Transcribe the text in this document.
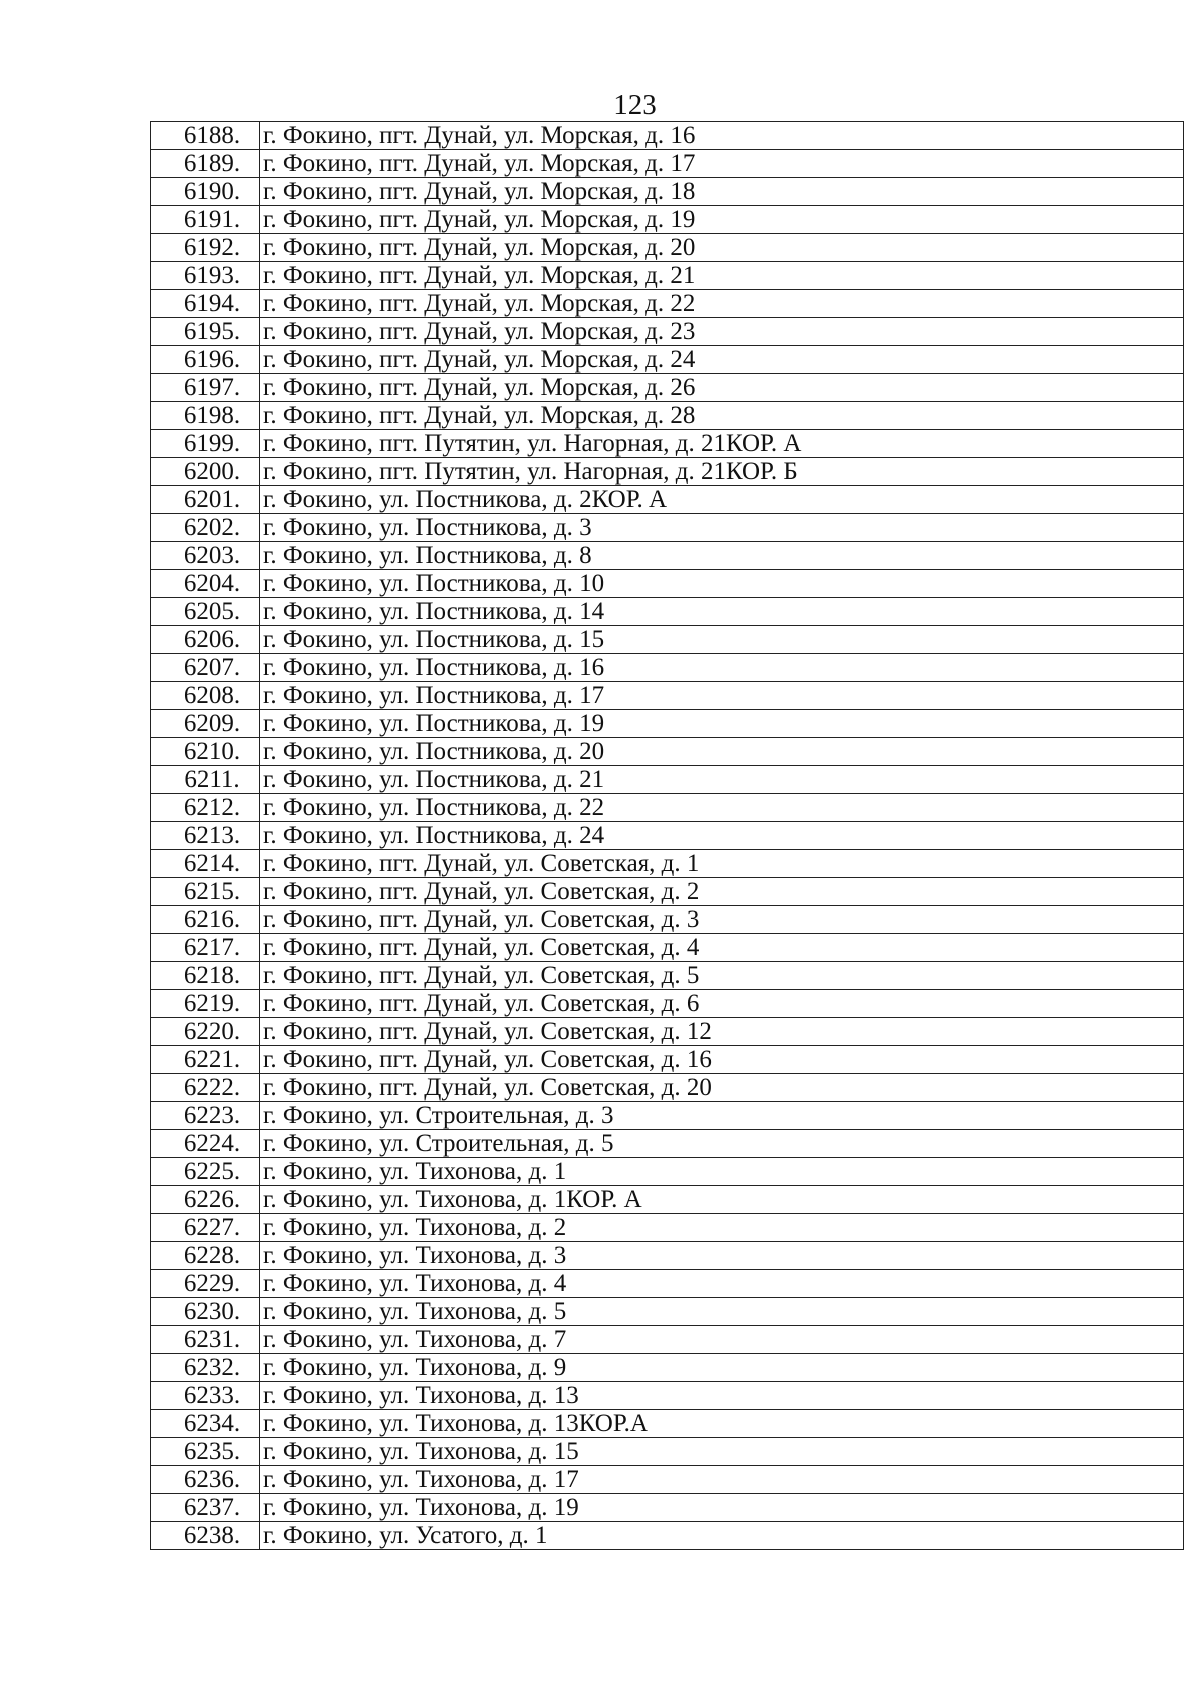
123
6188.	г. Фокино, пгт. Дунай, ул. Морская, д. 16
6189.	г. Фокино, пгт. Дунай, ул. Морская, д. 17
6190.	г. Фокино, пгт. Дунай, ул. Морская, д. 18
6191.	г. Фокино, пгт. Дунай, ул. Морская, д. 19
6192.	г. Фокино, пгт. Дунай, ул. Морская, д. 20
6193.	г. Фокино, пгт. Дунай, ул. Морская, д. 21
6194.	г. Фокино, пгт. Дунай, ул. Морская, д. 22
6195.	г. Фокино, пгт. Дунай, ул. Морская, д. 23
6196.	г. Фокино, пгт. Дунай, ул. Морская, д. 24
6197.	г. Фокино, пгт. Дунай, ул. Морская, д. 26
6198.	г. Фокино, пгт. Дунай, ул. Морская, д. 28
6199.	г. Фокино, пгт. Путятин, ул. Нагорная, д. 21КОР. А
6200.	г. Фокино, пгт. Путятин, ул. Нагорная, д. 21КОР. Б
6201.	г. Фокино, ул. Постникова, д. 2КОР. А
6202.	г. Фокино, ул. Постникова, д. 3
6203.	г. Фокино, ул. Постникова, д. 8
6204.	г. Фокино, ул. Постникова, д. 10
6205.	г. Фокино, ул. Постникова, д. 14
6206.	г. Фокино, ул. Постникова, д. 15
6207.	г. Фокино, ул. Постникова, д. 16
6208.	г. Фокино, ул. Постникова, д. 17
6209.	г. Фокино, ул. Постникова, д. 19
6210.	г. Фокино, ул. Постникова, д. 20
6211.	г. Фокино, ул. Постникова, д. 21
6212.	г. Фокино, ул. Постникова, д. 22
6213.	г. Фокино, ул. Постникова, д. 24
6214.	г. Фокино, пгт. Дунай, ул. Советская, д. 1
6215.	г. Фокино, пгт. Дунай, ул. Советская, д. 2
6216.	г. Фокино, пгт. Дунай, ул. Советская, д. 3
6217.	г. Фокино, пгт. Дунай, ул. Советская, д. 4
6218.	г. Фокино, пгт. Дунай, ул. Советская, д. 5
6219.	г. Фокино, пгт. Дунай, ул. Советская, д. 6
6220.	г. Фокино, пгт. Дунай, ул. Советская, д. 12
6221.	г. Фокино, пгт. Дунай, ул. Советская, д. 16
6222.	г. Фокино, пгт. Дунай, ул. Советская, д. 20
6223.	г. Фокино, ул. Строительная, д. 3
6224.	г. Фокино, ул. Строительная, д. 5
6225.	г. Фокино, ул. Тихонова, д. 1
6226.	г. Фокино, ул. Тихонова, д. 1КОР. А
6227.	г. Фокино, ул. Тихонова, д. 2
6228.	г. Фокино, ул. Тихонова, д. 3
6229.	г. Фокино, ул. Тихонова, д. 4
6230.	г. Фокино, ул. Тихонова, д. 5
6231.	г. Фокино, ул. Тихонова, д. 7
6232.	г. Фокино, ул. Тихонова, д. 9
6233.	г. Фокино, ул. Тихонова, д. 13
6234.	г. Фокино, ул. Тихонова, д. 13КОР.А
6235.	г. Фокино, ул. Тихонова, д. 15
6236.	г. Фокино, ул. Тихонова, д. 17
6237.	г. Фокино, ул. Тихонова, д. 19
6238.	г. Фокино, ул. Усатого, д. 1
